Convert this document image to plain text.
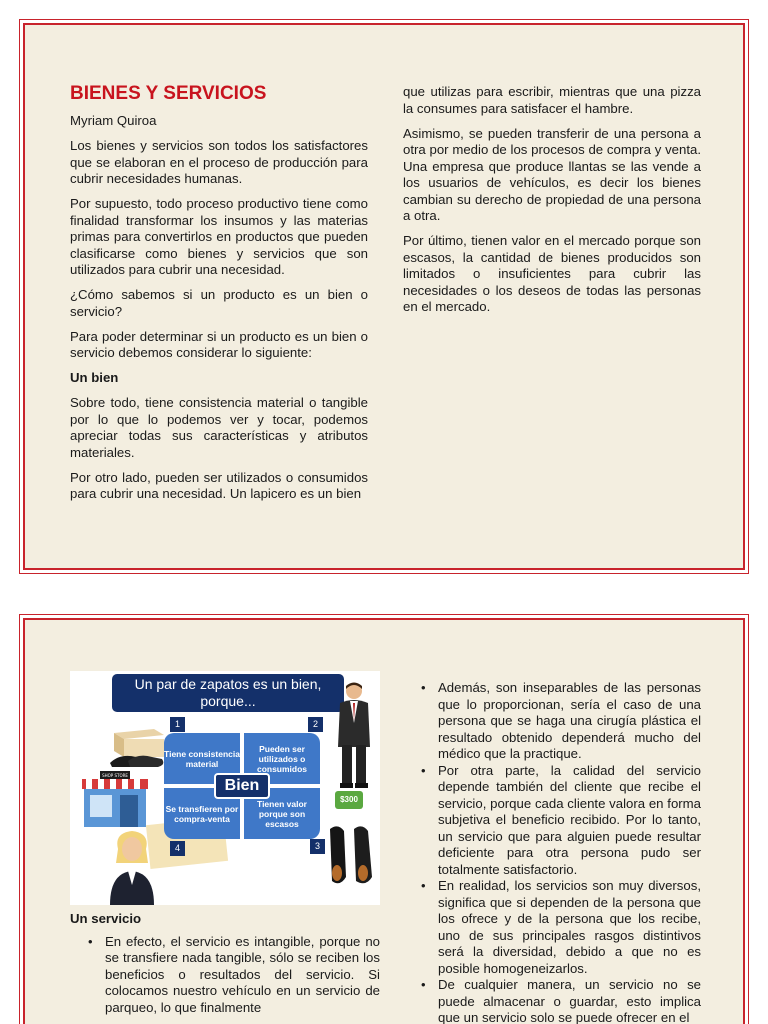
BIENES Y SERVICIOS

Myriam Quiroa

Los bienes y servicios son todos los satisfactores que se elaboran en el proceso de producción para cubrir necesidades humanas.

Por supuesto, todo proceso productivo tiene como finalidad transformar los insumos y las materias primas para convertirlos en productos que pueden clasificarse como bienes y servicios que son utilizados para cubrir una necesidad.

¿Cómo sabemos si un producto es un bien o servicio?

Para poder determinar si un producto es un bien o servicio debemos considerar lo siguiente:

Un bien

Sobre todo, tiene consistencia material o tangible por lo que lo podemos ver y tocar, podemos apreciar todas sus características y atributos materiales.

Por otro lado, pueden ser utilizados o consumidos para cubrir una necesidad. Un lapicero es un bien

que utilizas para escribir, mientras que una pizza la consumes para satisfacer el hambre.

Asimismo, se pueden transferir de una persona a otra por medio de los procesos de compra y venta. Una empresa que produce llantas se las vende a los usuarios de vehículos, es decir los bienes cambian su derecho de propiedad de una persona a otra.

Por último, tienen valor en el mercado porque son escasos, la cantidad de bienes producidos son limitados o insuficientes para cubrir las necesidades o los deseos de todas las personas en el mercado.

Un par de zapatos es un bien, porque...
SHOP STORE
$300
Tiene consistencia material
Pueden ser utilizados o consumidos
Se transfieren por compra-venta
Tienen valor porque son escasos
Bien
1	2
3
4

Un servicio

• En efecto, el servicio es intangible, porque no se transfiere nada tangible, sólo se reciben los beneficios o resultados del servicio. Si colocamos nuestro vehículo en un servicio de parqueo, lo que finalmente
• Además, son inseparables de las personas que lo proporcionan, sería el caso de una persona que se haga una cirugía plástica el resultado obtenido dependerá mucho del médico que la practique.
• Por otra parte, la calidad del servicio depende también del cliente que recibe el servicio, porque cada cliente valora en forma subjetiva el beneficio recibido. Por lo tanto, un servicio que para alguien puede resultar deficiente para otra persona pudo ser totalmente satisfactorio.
• En realidad, los servicios son muy diversos, significa que si dependen de la persona que los ofrece y de la persona que los recibe, uno de sus principales rasgos distintivos será la diversidad, debido a que no es posible homogeneizarlos.
• De cualquier manera, un servicio no se puede almacenar o guardar, esto implica que un servicio solo se puede ofrecer en el
